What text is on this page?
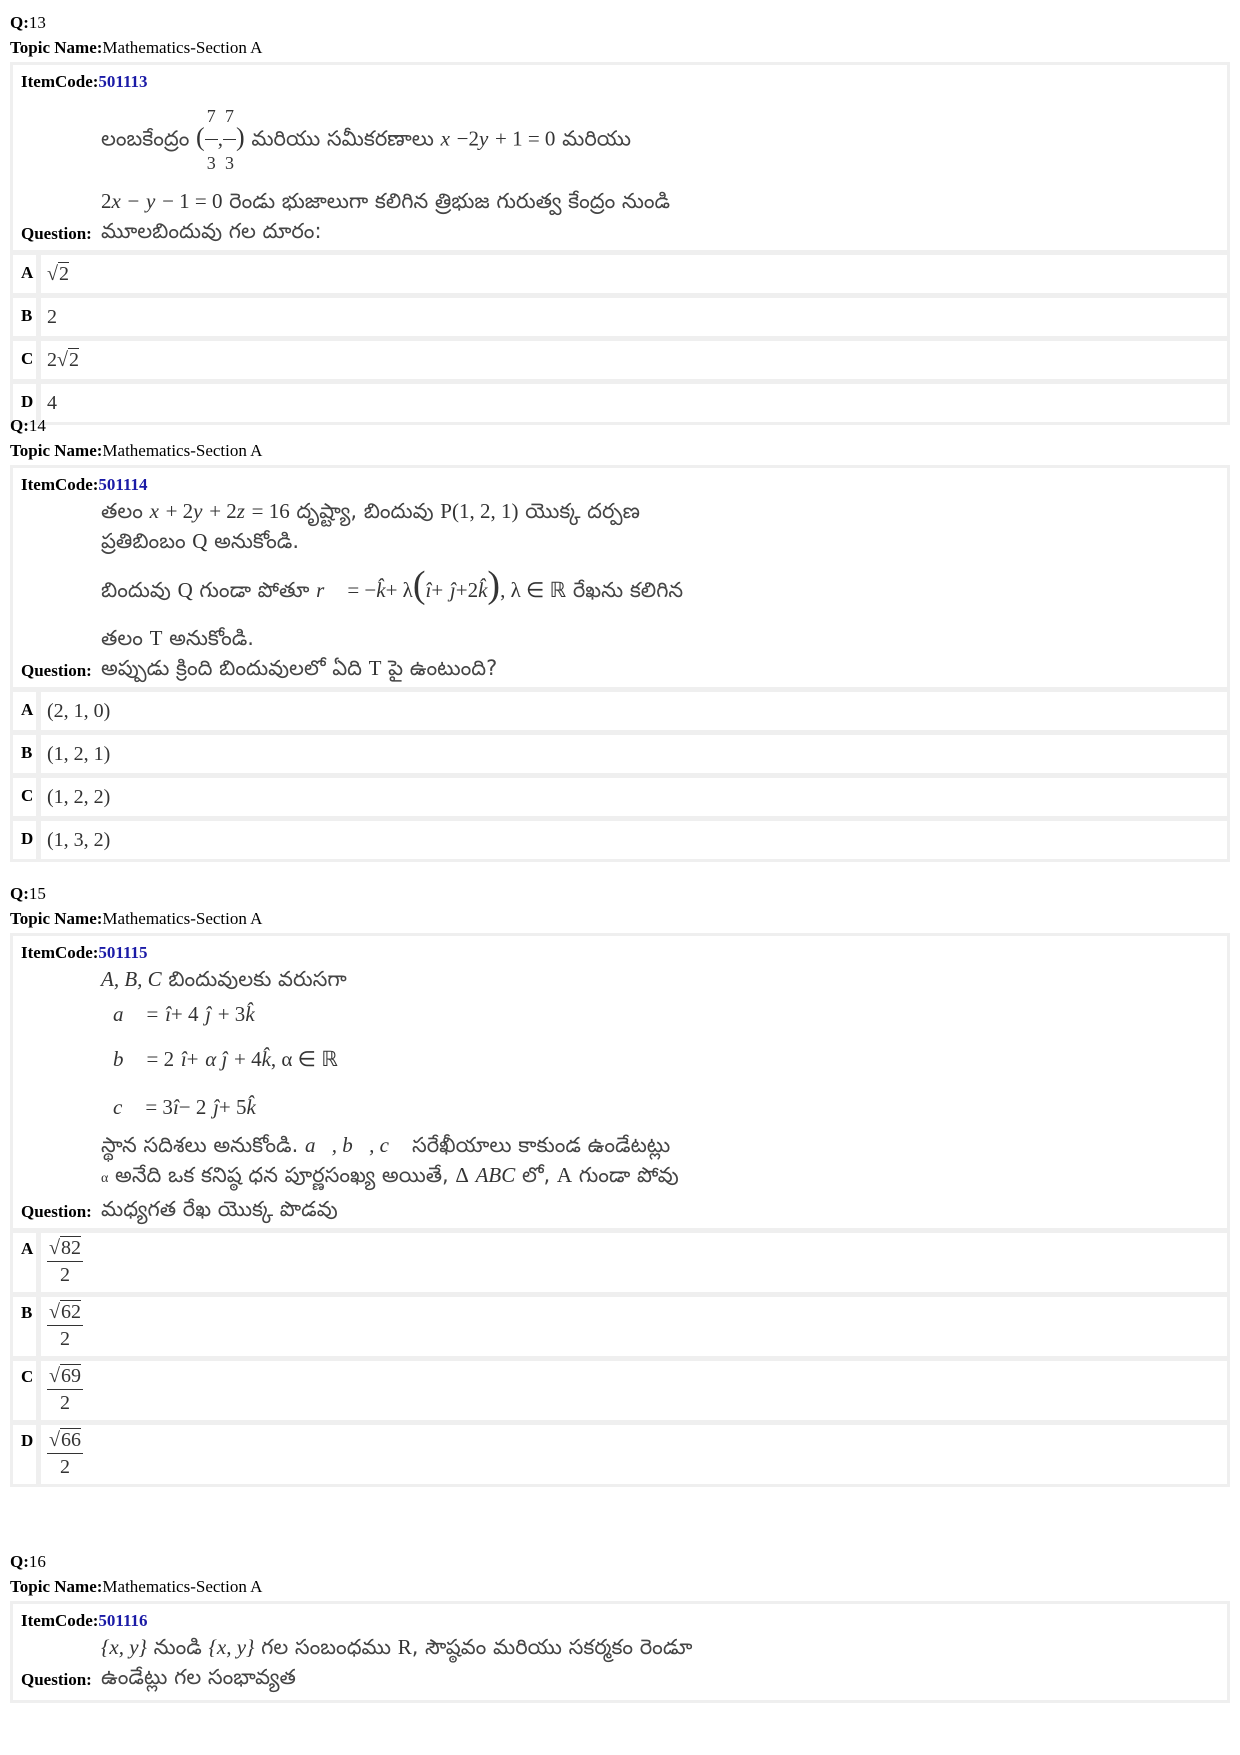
Q:13
Topic Name:Mathematics-Section A
ItemCode:501113
Question:
లంబకేంద్రం ( $\frac{7}{3}$ , $\frac{7}{3}$ ) మరియు సమీకరణాలు x −2y + 1 = 0 మరియు
2x − y − 1 = 0 రెండు భుజాలుగా కలిగిన త్రిభుజ గురుత్వ కేంద్రం నుండి
మూలబిందువు గల దూరం:
A √2
B 2
C 2√2
D 4
Q:14
Topic Name:Mathematics-Section A
ItemCode:501114
Question:
తలం x + 2y + 2z = 16 దృష్ట్యా, బిందువు P(1, 2, 1) యొక్క దర్పణ
ప్రతిబింబం Q అనుకోండి.
బిందువు Q గుండా పోతూ r⃗ = −k̂+ λ(î+ ĵ+2k̂), λ ∈ ℝ రేఖను కలిగిన
తలం T అనుకోండి.
అప్పుడు క్రింది బిందువులలో ఏది T పై ఉంటుంది?
A (2, 1, 0)
B (1, 2, 1)
C (1, 2, 2)
D (1, 3, 2)
Q:15
Topic Name:Mathematics-Section A
ItemCode:501115
Question:
A, B, C బిందువులకు వరుసగా
a⃗ = î+ 4 ĵ + 3k̂
b⃗ = 2 î+ α ĵ + 4k̂, α ∈ ℝ
c⃗ = 3î− 2 ĵ+ 5k̂
స్థాన సదిశలు అనుకోండి. a⃗, b⃗, c⃗ సరేఖీయాలు కాకుండ ఉండేటట్లు
α అనేది ఒక కనిష్ఠ ధన పూర్ణసంఖ్య అయితే, Δ ABC లో, A గుండా పోవు
మధ్యగత రేఖ యొక్క పొడవు
A $\frac{√82}{2}$
B $\frac{√62}{2}$
C $\frac{√69}{2}$
D $\frac{√66}{2}$
Q:16
Topic Name:Mathematics-Section A
ItemCode:501116
Question:
{x, y} నుండి {x, y} గల సంబంధము R, సౌష్ఠవం మరియు సకర్మకం రెండూ
ఉండేట్లు గల సంభావ్యత
